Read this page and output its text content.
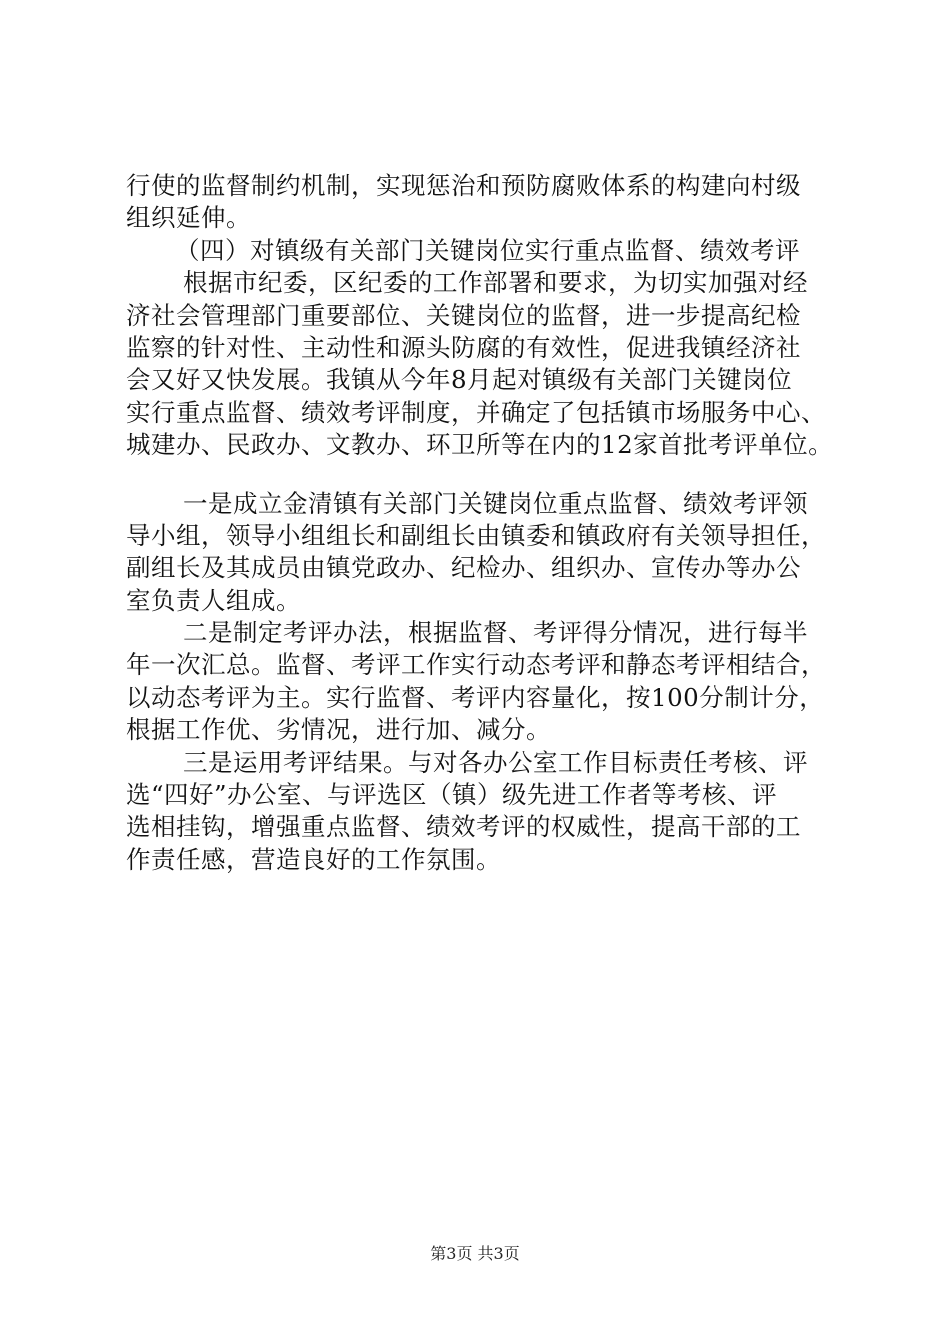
行使的监督制约机制，实现惩治和预防腐败体系的构建向村级
组织延伸。
（四）对镇级有关部门关键岗位实行重点监督、绩效考评
根据市纪委，区纪委的工作部署和要求，为切实加强对经
济社会管理部门重要部位、关键岗位的监督，进一步提高纪检
监察的针对性、主动性和源头防腐的有效性，促进我镇经济社
会又好又快发展。我镇从今年8月起对镇级有关部门关键岗位
实行重点监督、绩效考评制度，并确定了包括镇市场服务中心、
城建办、民政办、文教办、环卫所等在内的12家首批考评单位。
一是成立金清镇有关部门关键岗位重点监督、绩效考评领
导小组，领导小组组长和副组长由镇委和镇政府有关领导担任，
副组长及其成员由镇党政办、纪检办、组织办、宣传办等办公
室负责人组成。
二是制定考评办法，根据监督、考评得分情况，进行每半
年一次汇总。监督、考评工作实行动态考评和静态考评相结合，
以动态考评为主。实行监督、考评内容量化，按100分制计分，
根据工作优、劣情况，进行加、减分。
三是运用考评结果。与对各办公室工作目标责任考核、评
选“四好”办公室、与评选区（镇）级先进工作者等考核、评
选相挂钩，增强重点监督、绩效考评的权威性，提高干部的工
作责任感，营造良好的工作氛围。
第3页 共3页
